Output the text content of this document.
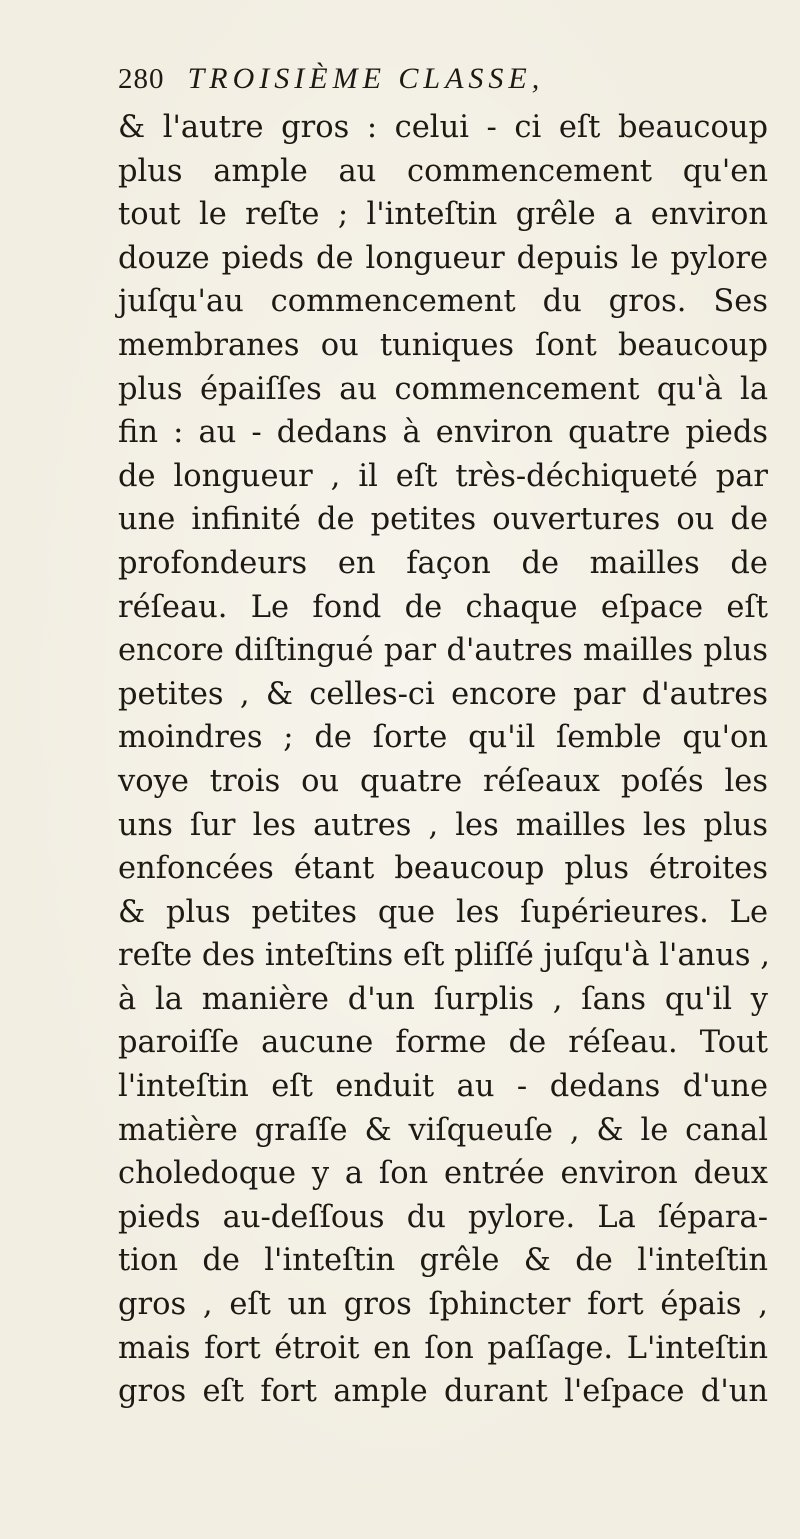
280 TROISIÈME CLASSE,
& l'autre gros : celui - ci eſt beaucoup
plus ample au commencement qu'en
tout le reſte ; l'inteſtin grêle a environ
douze pieds de longueur depuis le pylore
juſqu'au commencement du gros. Ses
membranes ou tuniques ſont beaucoup
plus épaiſſes au commencement qu'à la
fin : au - dedans à environ quatre pieds
de longueur , il eſt très-déchiqueté par
une infinité de petites ouvertures ou de
profondeurs en façon de mailles de
réſeau. Le fond de chaque eſpace eſt
encore diſtingué par d'autres mailles plus
petites , & celles-ci encore par d'autres
moindres ; de ſorte qu'il ſemble qu'on
voye trois ou quatre réſeaux poſés les
uns ſur les autres , les mailles les plus
enfoncées étant beaucoup plus étroites
& plus petites que les ſupérieures. Le
reſte des inteſtins eſt pliſſé juſqu'à l'anus ,
à la manière d'un ſurplis , ſans qu'il y
paroiſſe aucune forme de réſeau. Tout
l'inteſtin eſt enduit au - dedans d'une
matière graſſe & viſqueuſe , & le canal
choledoque y a ſon entrée environ deux
pieds au-deſſous du pylore. La ſépara-
tion de l'inteſtin grêle & de l'inteſtin
gros , eſt un gros ſphincter fort épais ,
mais fort étroit en ſon paſſage. L'inteſtin
gros eſt fort ample durant l'eſpace d'un
